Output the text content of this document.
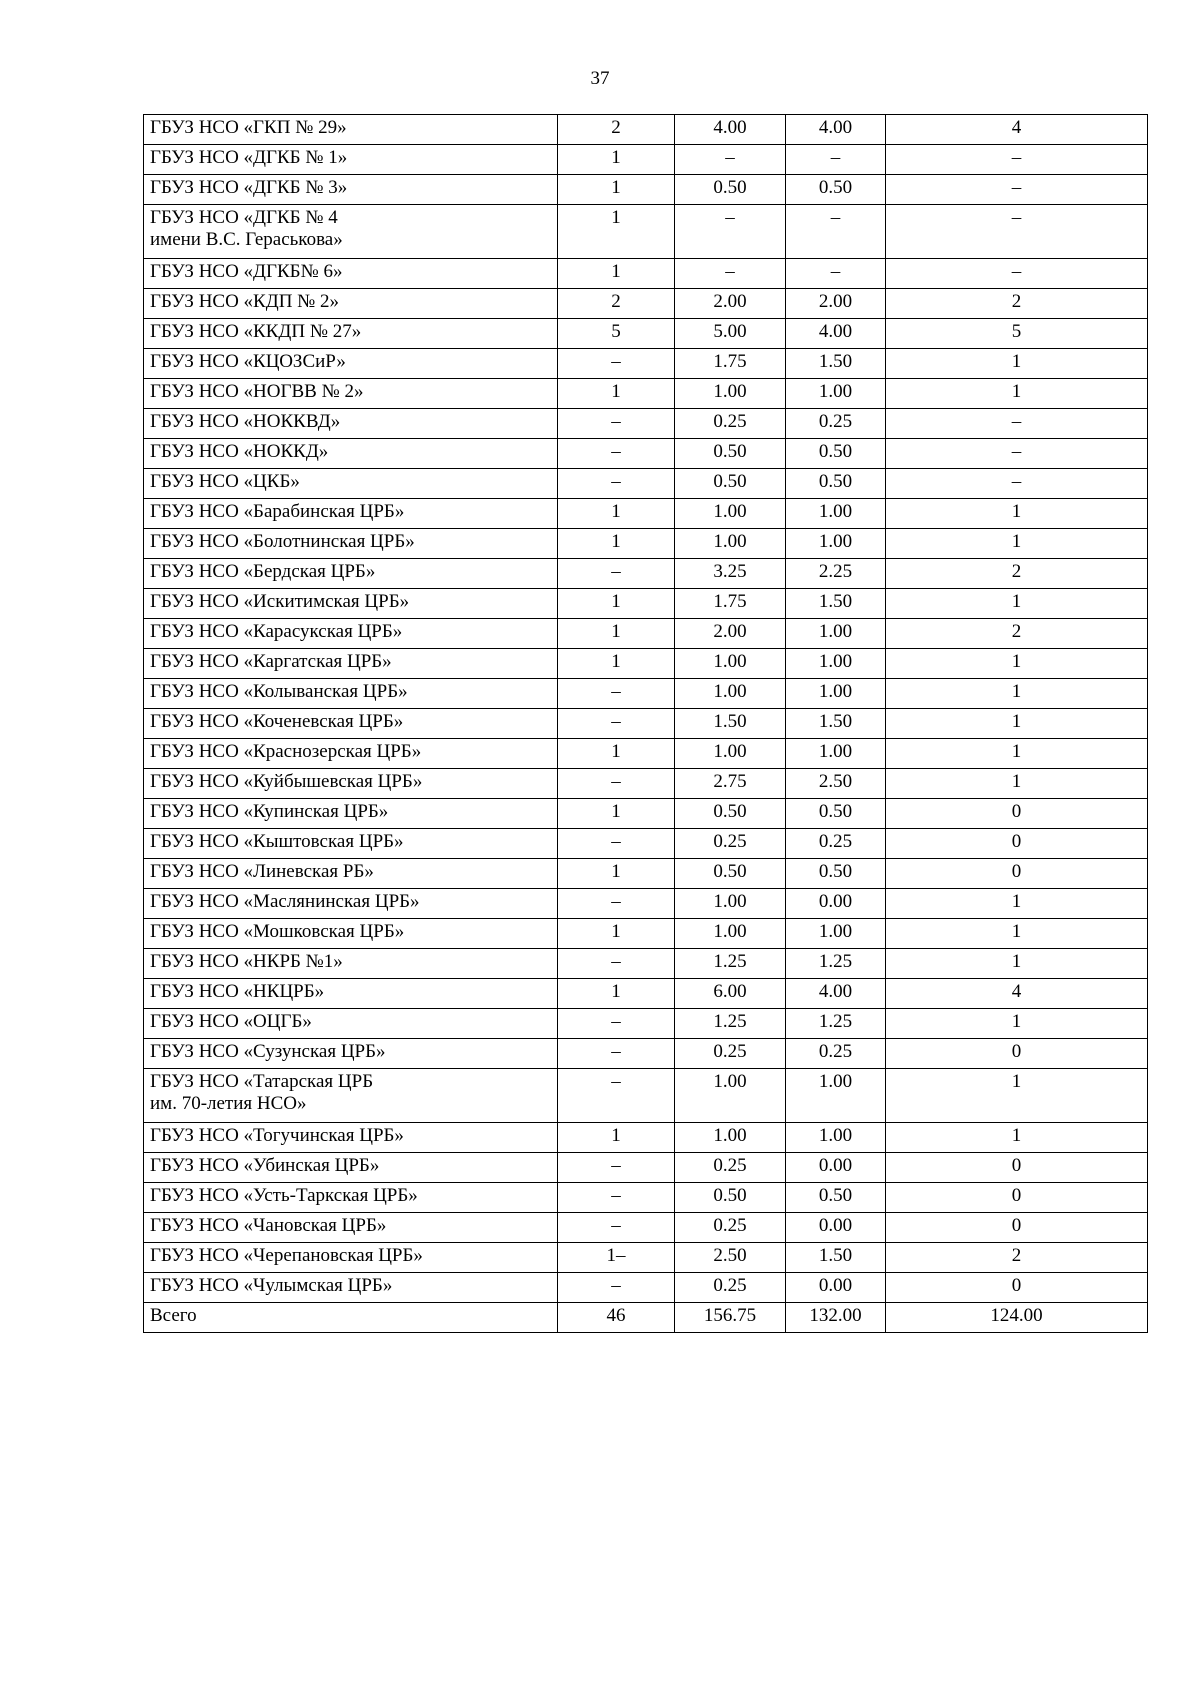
37
ГБУЗ НСО «ГКП № 29»	2	4.00	4.00	4
ГБУЗ НСО «ДГКБ № 1»	1	–	–	–
ГБУЗ НСО «ДГКБ № 3»	1	0.50	0.50	–
ГБУЗ НСО «ДГКБ № 4
имени В.С. Гераськова»	1	–	–	–
ГБУЗ НСО «ДГКБ№ 6»	1	–	–	–
ГБУЗ НСО «КДП № 2»	2	2.00	2.00	2
ГБУЗ НСО «ККДП № 27»	5	5.00	4.00	5
ГБУЗ НСО «КЦОЗСиР»	–	1.75	1.50	1
ГБУЗ НСО «НОГВВ № 2»	1	1.00	1.00	1
ГБУЗ НСО «НОККВД»	–	0.25	0.25	–
ГБУЗ НСО «НОККД»	–	0.50	0.50	–
ГБУЗ НСО «ЦКБ»	–	0.50	0.50	–
ГБУЗ НСО «Барабинская ЦРБ»	1	1.00	1.00	1
ГБУЗ НСО «Болотнинская ЦРБ»	1	1.00	1.00	1
ГБУЗ НСО «Бердская ЦРБ»	–	3.25	2.25	2
ГБУЗ НСО «Искитимская ЦРБ»	1	1.75	1.50	1
ГБУЗ НСО «Карасукская ЦРБ»	1	2.00	1.00	2
ГБУЗ НСО «Каргатская ЦРБ»	1	1.00	1.00	1
ГБУЗ НСО «Колыванская ЦРБ»	–	1.00	1.00	1
ГБУЗ НСО «Коченевская ЦРБ»	–	1.50	1.50	1
ГБУЗ НСО «Краснозерская ЦРБ»	1	1.00	1.00	1
ГБУЗ НСО «Куйбышевская ЦРБ»	–	2.75	2.50	1
ГБУЗ НСО «Купинская ЦРБ»	1	0.50	0.50	0
ГБУЗ НСО «Кыштовская ЦРБ»	–	0.25	0.25	0
ГБУЗ НСО «Линевская РБ»	1	0.50	0.50	0
ГБУЗ НСО «Маслянинская ЦРБ»	–	1.00	0.00	1
ГБУЗ НСО «Мошковская ЦРБ»	1	1.00	1.00	1
ГБУЗ НСО «НКРБ №1»	–	1.25	1.25	1
ГБУЗ НСО «НКЦРБ»	1	6.00	4.00	4
ГБУЗ НСО «ОЦГБ»	–	1.25	1.25	1
ГБУЗ НСО «Сузунская ЦРБ»	–	0.25	0.25	0
ГБУЗ НСО «Татарская ЦРБ
им. 70-летия НСО»	–	1.00	1.00	1
ГБУЗ НСО «Тогучинская ЦРБ»	1	1.00	1.00	1
ГБУЗ НСО «Убинская ЦРБ»	–	0.25	0.00	0
ГБУЗ НСО «Усть-Таркская ЦРБ»	–	0.50	0.50	0
ГБУЗ НСО «Чановская ЦРБ»	–	0.25	0.00	0
ГБУЗ НСО «Черепановская ЦРБ»	1–	2.50	1.50	2
ГБУЗ НСО «Чулымская ЦРБ»	–	0.25	0.00	0
Всего	46	156.75	132.00	124.00
